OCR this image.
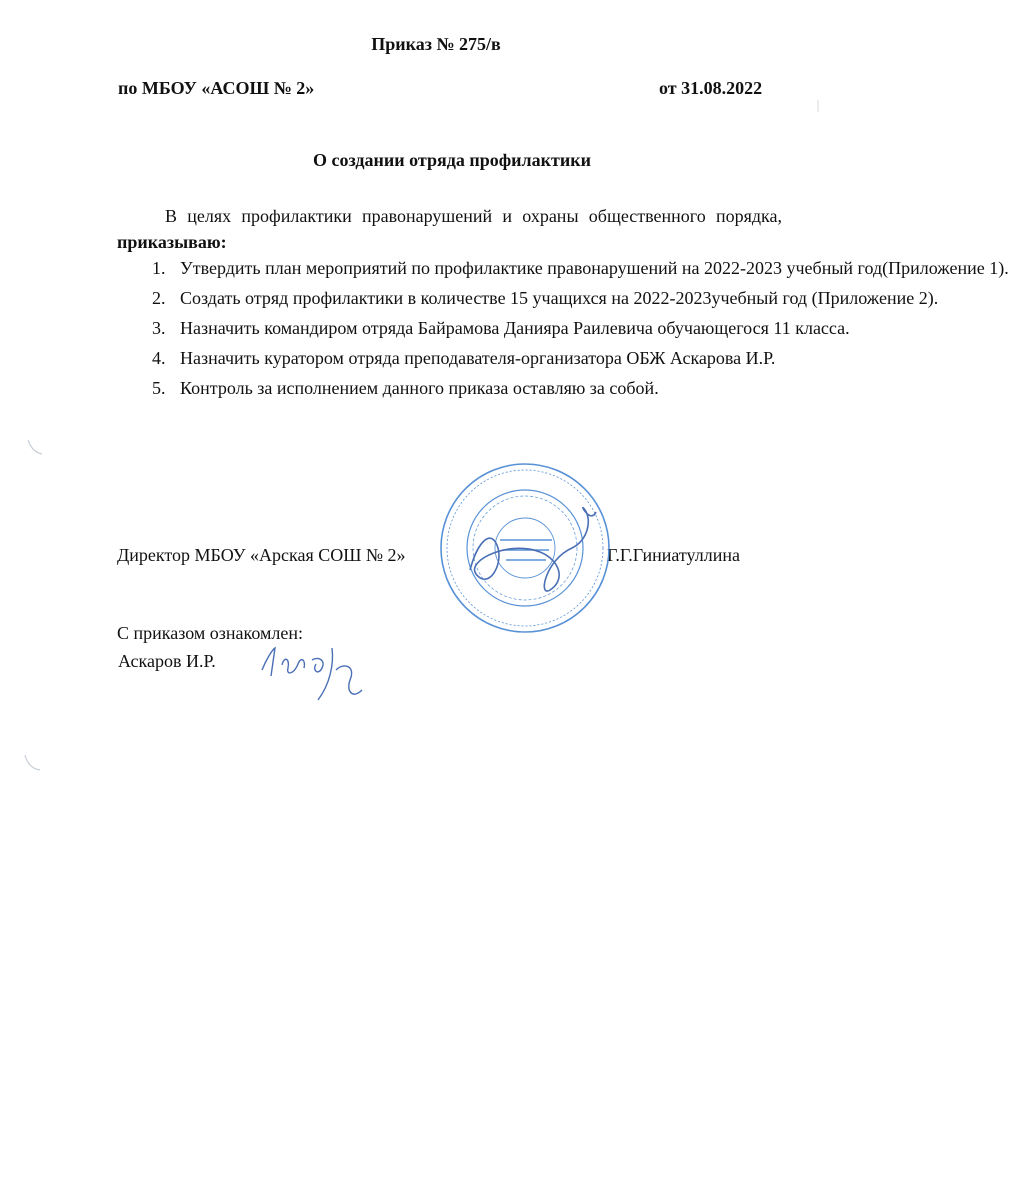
Приказ № 275/в
по МБОУ «АСОШ № 2»	от 31.08.2022
О создании отряда профилактики
В целях профилактики правонарушений и охраны общественного порядка, приказываю:
1. Утвердить план мероприятий по профилактике правонарушений на 2022-2023 учебный год(Приложение 1).
2. Создать отряд профилактики в количестве 15 учащихся на 2022-2023учебный год (Приложение 2).
3. Назначить командиром отряда Байрамова Данияра Раилевича обучающегося 11 класса.
4. Назначить куратором отряда преподавателя-организатора ОБЖ Аскарова И.Р.
5. Контроль за исполнением данного приказа оставляю за собой.
Директор МБОУ «Арская СОШ № 2»	Г.Г.Гиниатуллина
С приказом ознакомлен:
Аскаров И.Р.
